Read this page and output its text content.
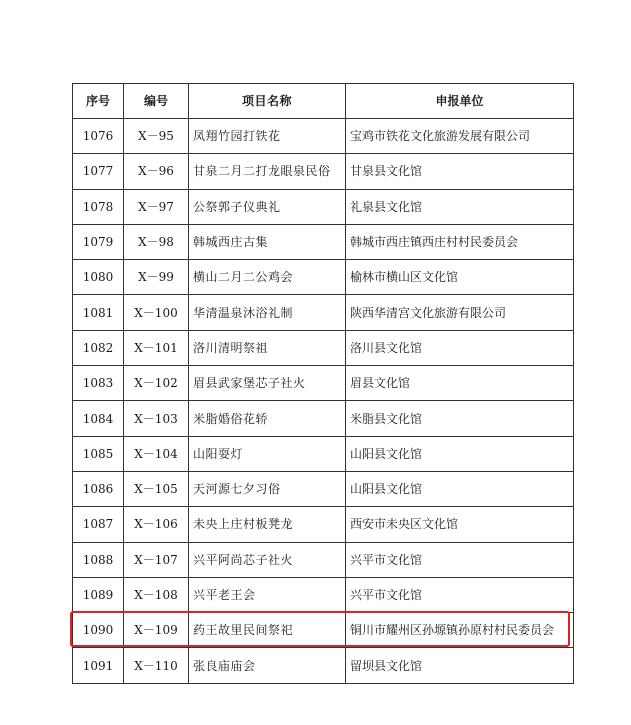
序号	编号	项目名称	申报单位
1076	Ⅹ－95	凤翔竹园打铁花	宝鸡市铁花文化旅游发展有限公司
1077	Ⅹ－96	甘泉二月二打龙眼泉民俗	甘泉县文化馆
1078	Ⅹ－97	公祭郭子仪典礼	礼泉县文化馆
1079	Ⅹ－98	韩城西庄古集	韩城市西庄镇西庄村村民委员会
1080	Ⅹ－99	横山二月二公鸡会	榆林市横山区文化馆
1081	Ⅹ－100	华清温泉沐浴礼制	陕西华清宫文化旅游有限公司
1082	Ⅹ－101	洛川清明祭祖	洛川县文化馆
1083	Ⅹ－102	眉县武家堡芯子社火	眉县文化馆
1084	Ⅹ－103	米脂婚俗花轿	米脂县文化馆
1085	Ⅹ－104	山阳耍灯	山阳县文化馆
1086	Ⅹ－105	天河源七夕习俗	山阳县文化馆
1087	Ⅹ－106	未央上庄村板凳龙	西安市未央区文化馆
1088	Ⅹ－107	兴平阿尚芯子社火	兴平市文化馆
1089	Ⅹ－108	兴平老王会	兴平市文化馆
1090	Ⅹ－109	药王故里民间祭祀	铜川市耀州区孙塬镇孙原村村民委员会
1091	Ⅹ－110	张良庙庙会	留坝县文化馆
